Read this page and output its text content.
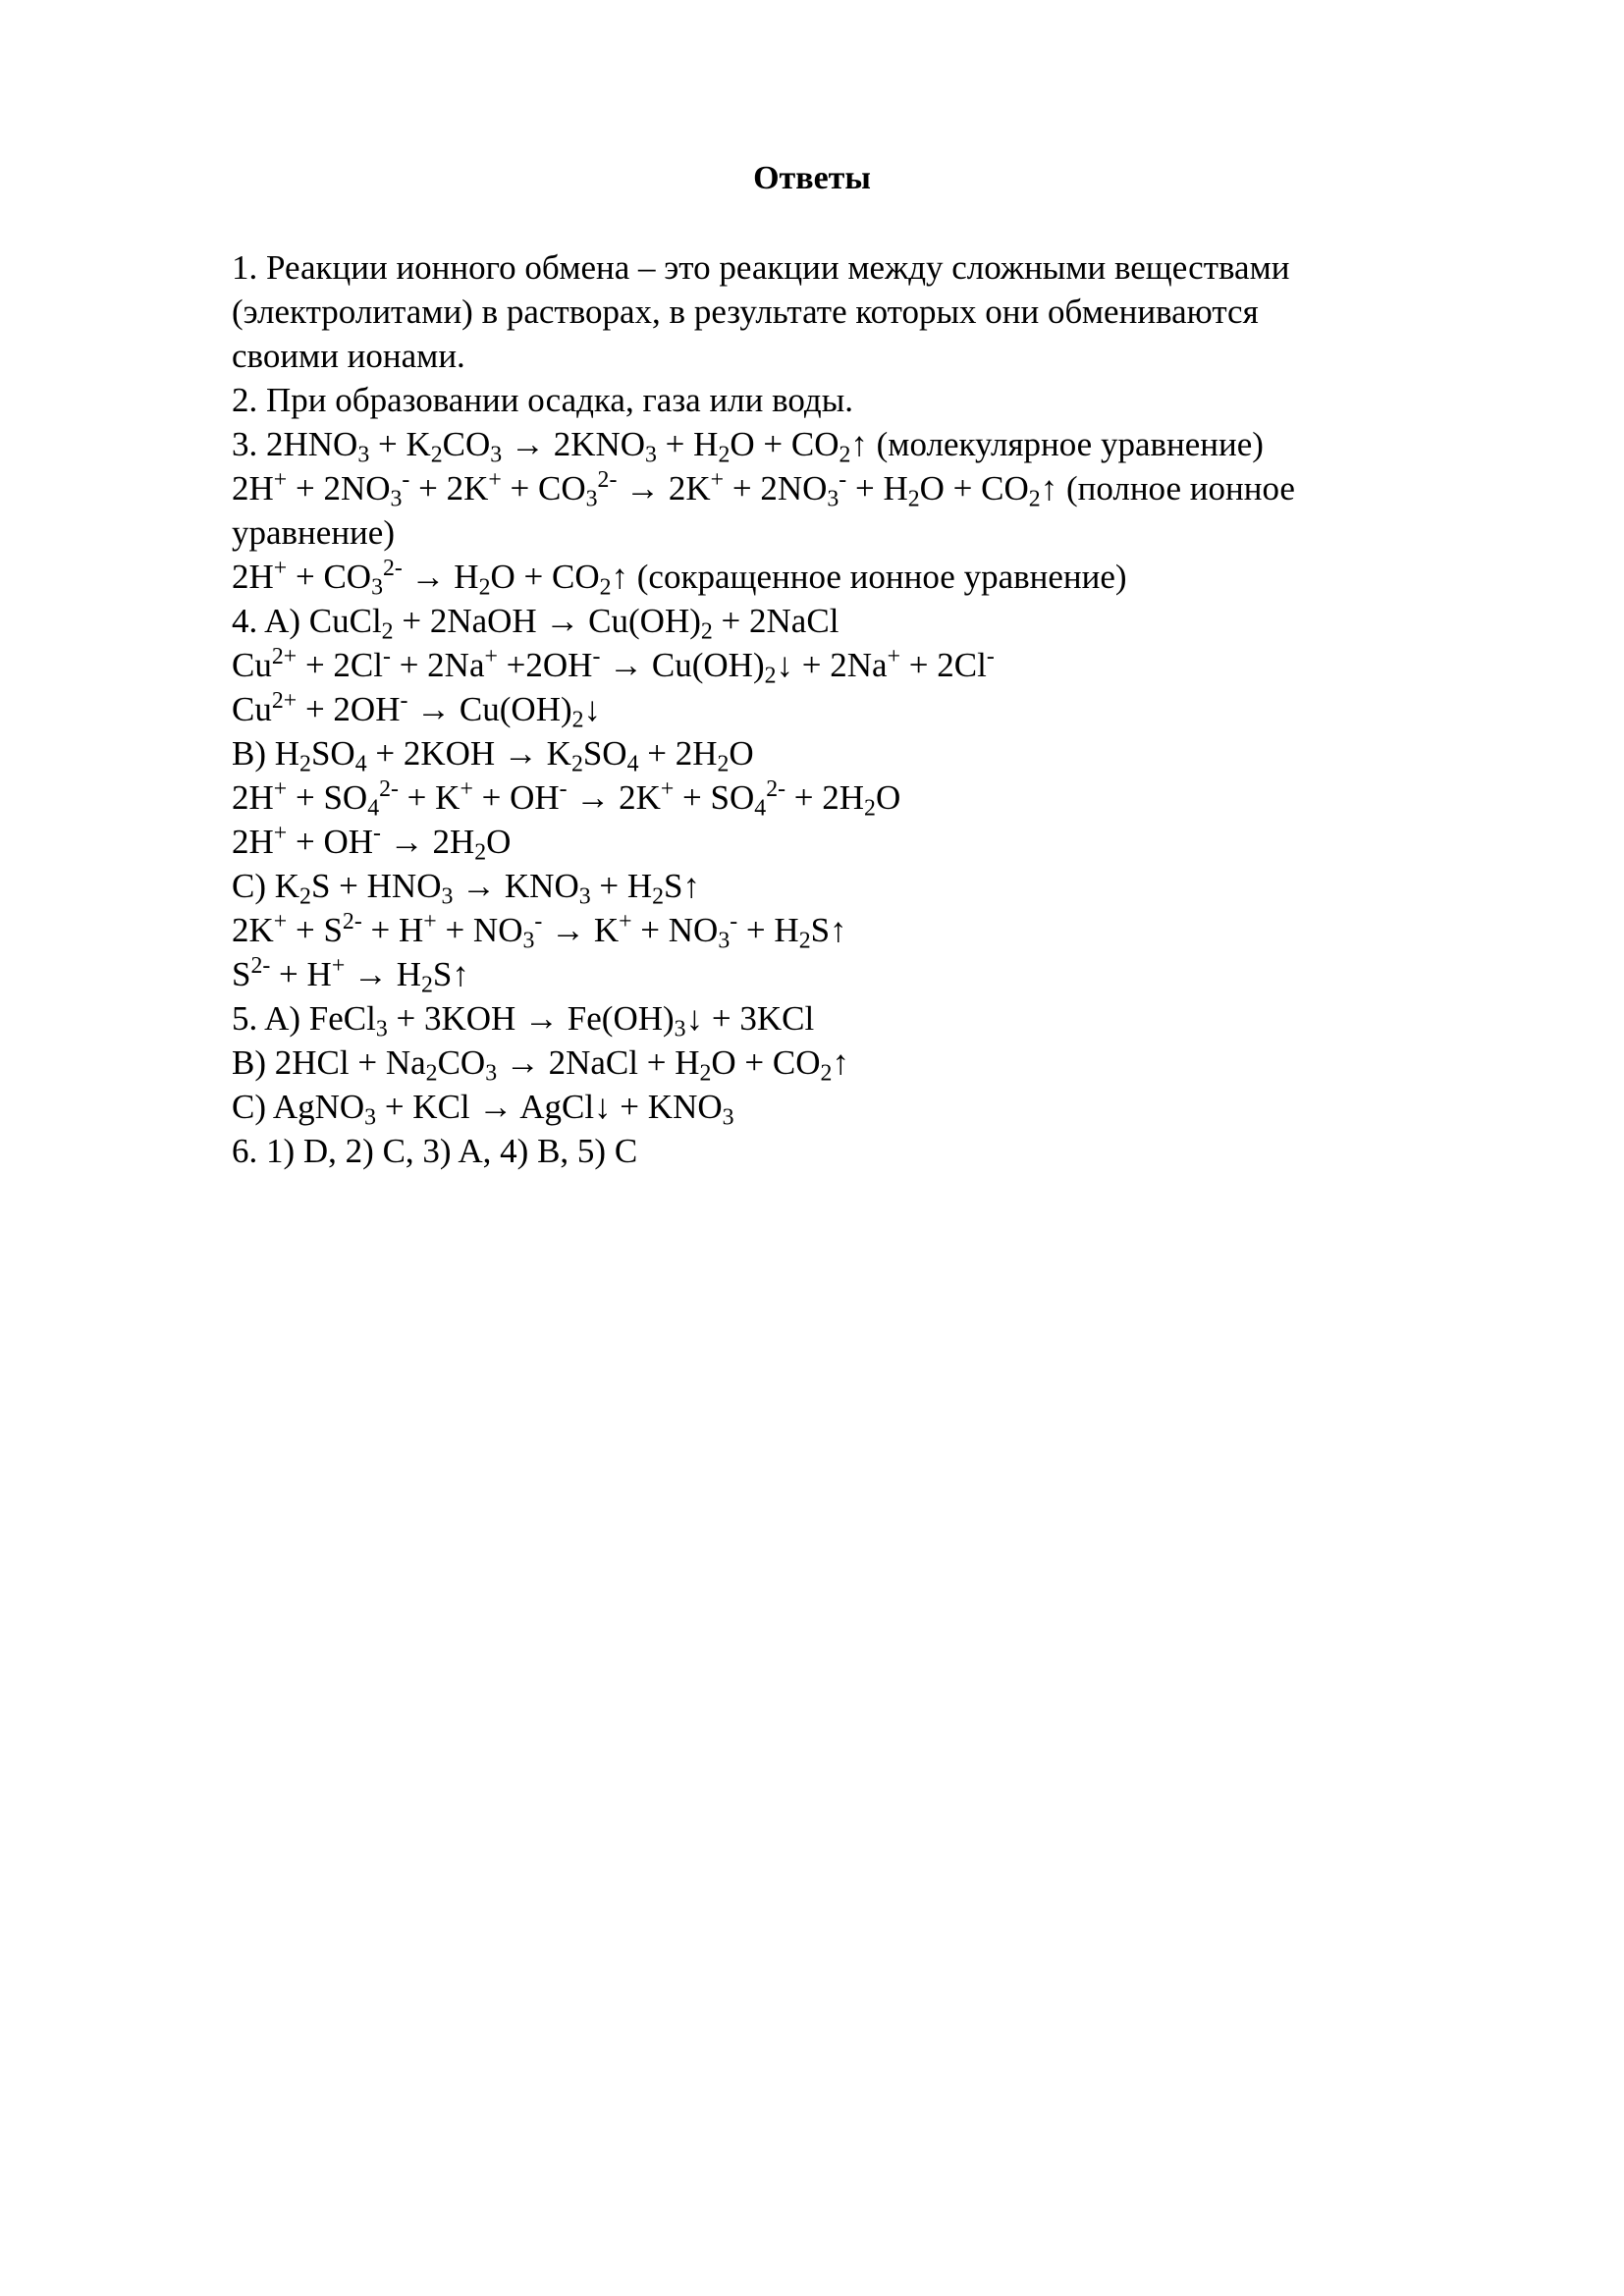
Ответы
1. Реакции ионного обмена – это реакции между сложными веществами
(электролитами) в растворах, в результате которых они обмениваются
своими ионами.
2. При образовании осадка, газа или воды.
3. $2HNO_3 + K_2CO_3 \to 2KNO_3 + H_2O$ + $CO_2↑$ (молекулярное уравнение)
$2H^+ + 2NO_3^- + 2K^+ + CO_3^{2-} \to 2K^+ + 2NO_3^- + H_2O$ + $CO_2↑$ (полное ионное
уравнение)
$2H^+ + CO_3^{2-} \to H_2O$ + $CO_2↑$ (сокращенное ионное уравнение)
4. A) CuCl$_2$ + 2NaOH → $Cu(OH)_2$ + 2NaCl
$Cu^{2+} + 2Cl^- + 2Na^+ +2OH^-$ → $Cu(OH)_2↓ + 2Na^+ + 2Cl^-$
$Cu^{2+} + 2OH^-$ → $Cu(OH)_2↓$
B) $H_2SO_4 + 2KOH \to K_2SO_4 + 2H_2O$
$2H^+ + SO_4^{2-} + K^+ + OH^- \to 2K^+ + SO_4^{2-} + 2H_2O$
$2H^+ + OH^- \to 2H_2O$
C) $K_2S + HNO_3 \to KNO_3$ + $H_2S↑$
$2K^+ + S^{2-} + H^+ + NO_3^- \to K^+ + NO_3^-$ + $H_2S↑$
$S^{2-} + H^+$ → $H_2S↑$
5. A) FeCl$_3$ + $3KOH \to Fe(OH)_3↓ + 3KCl$
B) $2HCl + Na_2CO_3$ → 2NaCl + $H_2O$ + $CO_2↑$
C) AgNO$_3$ + KCl → AgCl↓ + $KNO_3$
6. 1) D, 2) C, 3) A, 4) B, 5) C
